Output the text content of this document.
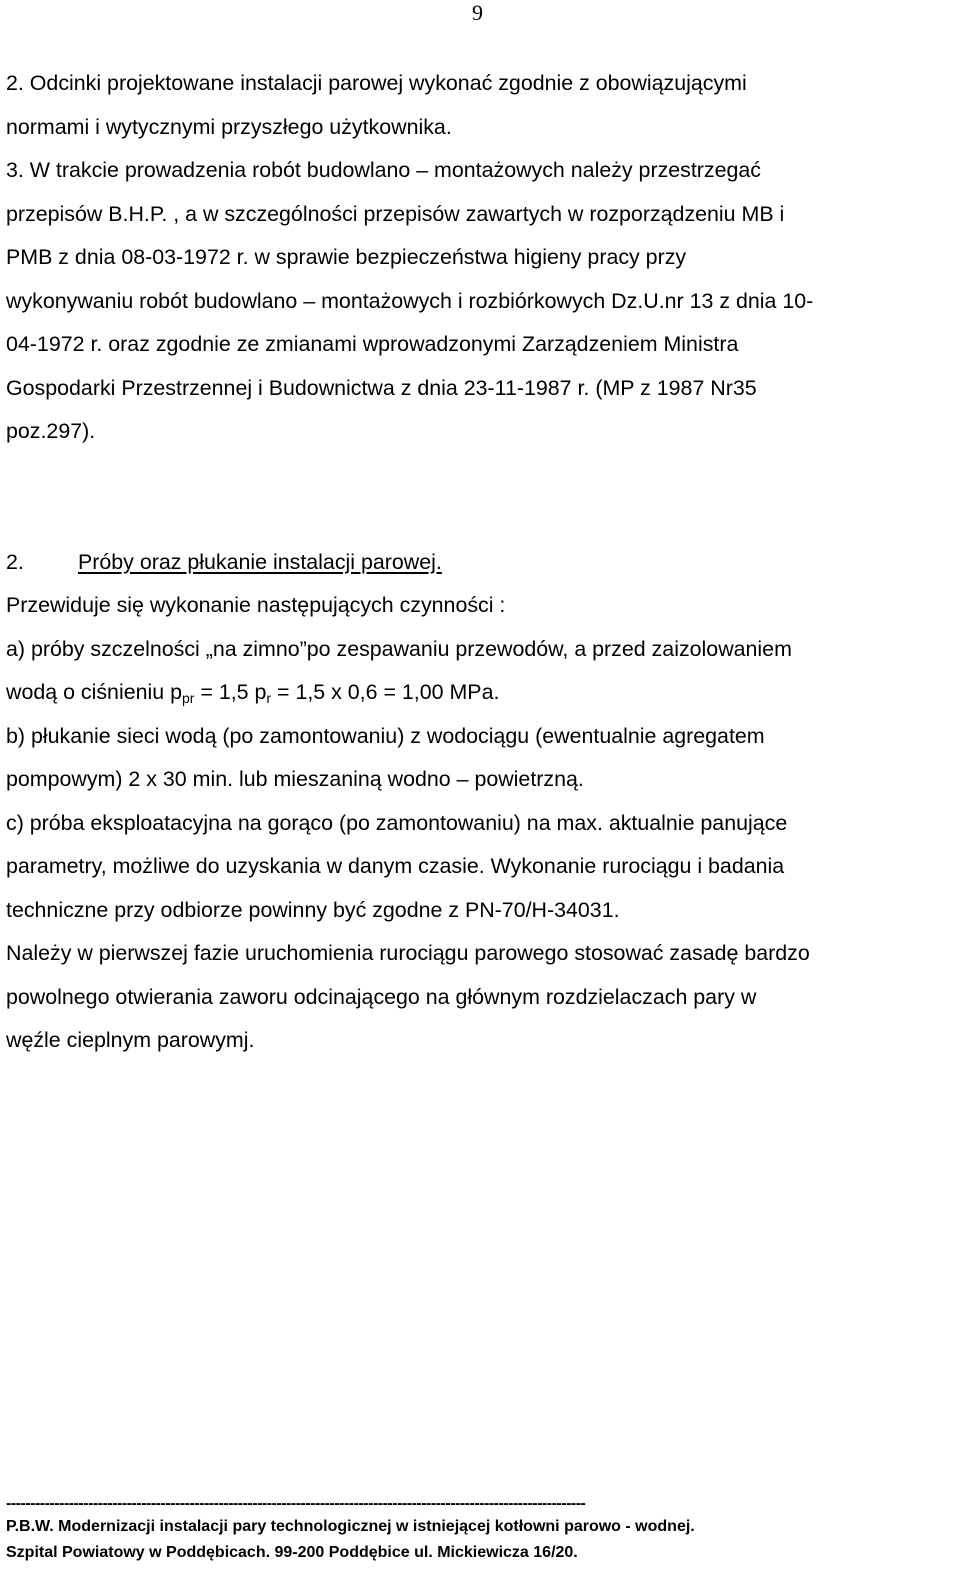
9
2. Odcinki projektowane instalacji parowej wykonać zgodnie z obowiązującymi
normami i wytycznymi przyszłego użytkownika.
3. W trakcie prowadzenia robót budowlano – montażowych należy przestrzegać
przepisów B.H.P. , a w szczególności przepisów zawartych w rozporządzeniu MB i
PMB z dnia 08-03-1972 r. w sprawie bezpieczeństwa higieny pracy przy
wykonywaniu robót budowlano – montażowych i rozbiórkowych Dz.U.nr 13 z dnia 10-
04-1972 r. oraz zgodnie ze zmianami wprowadzonymi Zarządzeniem Ministra
Gospodarki Przestrzennej i Budownictwa z dnia 23-11-1987 r. (MP z 1987 Nr35
poz.297).
2.	Próby oraz płukanie instalacji parowej.
Przewiduje się wykonanie następujących czynności :
a) próby szczelności „na zimno”po zespawaniu przewodów, a przed zaizolowaniem
wodą o ciśnieniu $p_{pr} = 1,5$ $p_r = 1,5$ x 0,6 = 1,00 MPa.
b) płukanie sieci wodą (po zamontowaniu) z wodociągu (ewentualnie agregatem
pompowym) 2 x 30 min. lub mieszaniną wodno – powietrzną.
c) próba eksploatacyjna na gorąco (po zamontowaniu) na max. aktualnie panujące
parametry, możliwe do uzyskania w danym czasie. Wykonanie rurociągu i badania
techniczne przy odbiorze powinny być zgodne z PN-70/H-34031.
Należy w pierwszej fazie uruchomienia rurociągu parowego stosować zasadę bardzo
powolnego otwierania zaworu odcinającego na głównym rozdzielaczach pary w
węźle cieplnym parowymj.
------------------------------------------------------------------------------------------------------------------------
P.B.W. Modernizacji instalacji pary technologicznej w istniejącej kotłowni parowo - wodnej.
Szpital Powiatowy w Poddębicach. 99-200 Poddębice ul. Mickiewicza 16/20.
